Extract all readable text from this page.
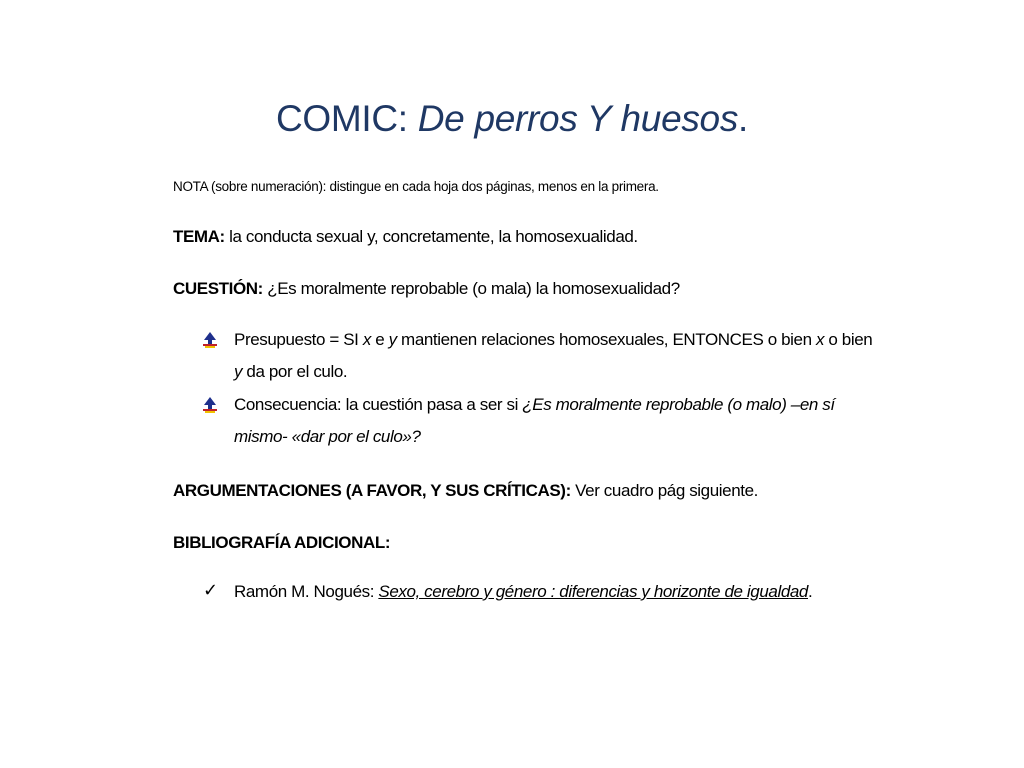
COMIC: De perros Y huesos.
NOTA (sobre numeración): distingue en cada hoja dos páginas, menos en la primera.
TEMA: la conducta sexual y, concretamente, la homosexualidad.
CUESTIÓN: ¿Es moralmente reprobable (o mala) la homosexualidad?
Presupuesto = SI x e y mantienen relaciones homosexuales, ENTONCES o bien x o bien
y da por el culo.
Consecuencia: la cuestión pasa a ser si ¿Es moralmente reprobable (o malo) –en sí
mismo- «dar por el culo»?
ARGUMENTACIONES (A FAVOR, Y SUS CRÍTICAS): Ver cuadro pág siguiente.
BIBLIOGRAFÍA ADICIONAL:
✓ Ramón M. Nogués: Sexo, cerebro y género : diferencias y horizonte de igualdad.
